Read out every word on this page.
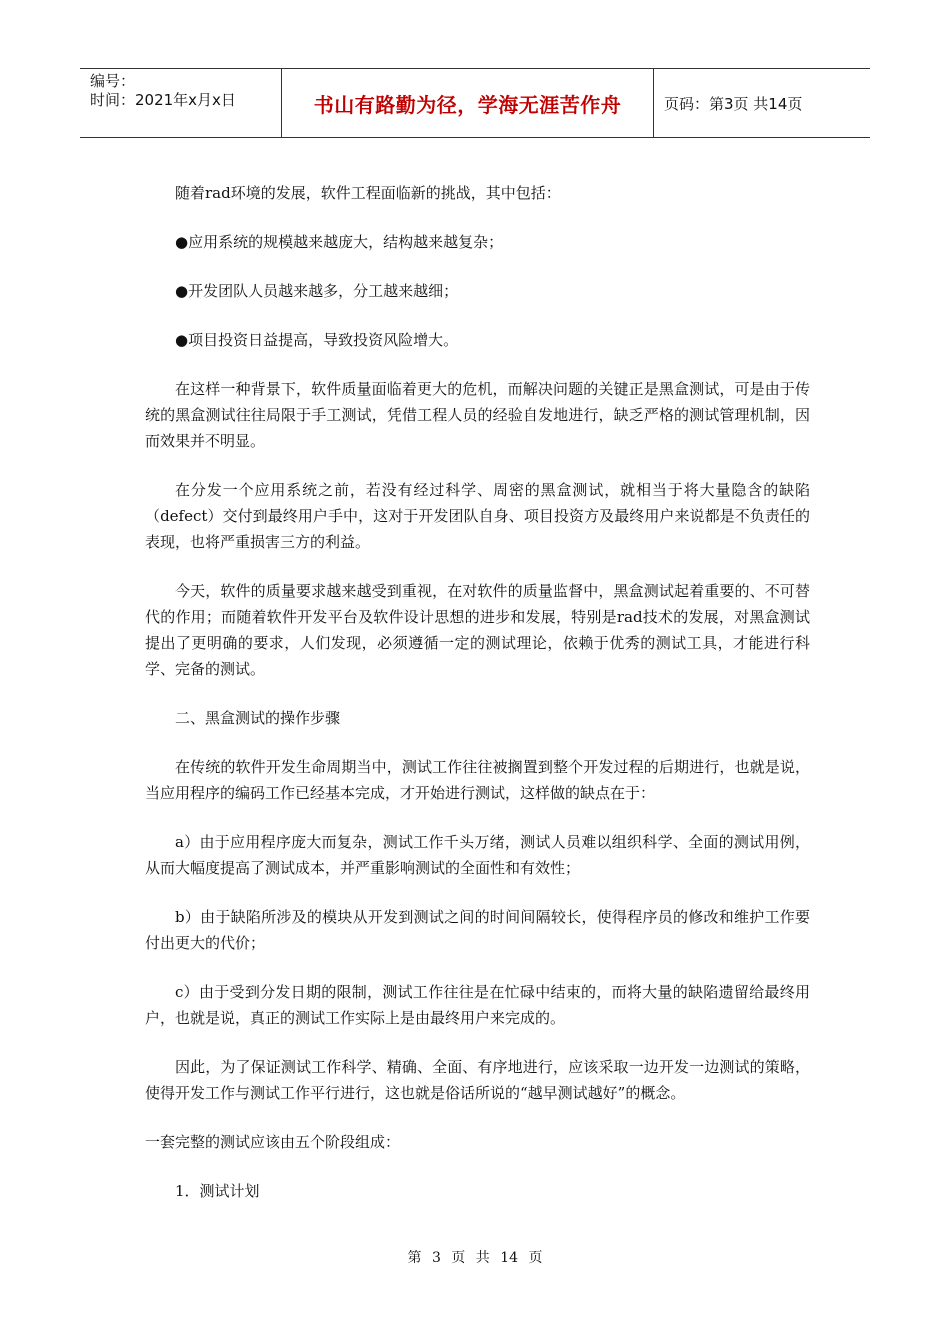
编号：
时间：2021年x月x日	书山有路勤为径，学海无涯苦作舟	页码：第3页 共14页

随着rad环境的发展，软件工程面临新的挑战，其中包括：

●应用系统的规模越来越庞大，结构越来越复杂；

●开发团队人员越来越多，分工越来越细；

●项目投资日益提高，导致投资风险增大。

在这样一种背景下，软件质量面临着更大的危机，而解决问题的关键正是黑盒测试，可是由于传统的黑盒测试往往局限于手工测试，凭借工程人员的经验自发地进行，缺乏严格的测试管理机制，因而效果并不明显。

在分发一个应用系统之前，若没有经过科学、周密的黑盒测试，就相当于将大量隐含的缺陷（defect）交付到最终用户手中，这对于开发团队自身、项目投资方及最终用户来说都是不负责任的表现，也将严重损害三方的利益。

今天，软件的质量要求越来越受到重视，在对软件的质量监督中，黑盒测试起着重要的、不可替代的作用；而随着软件开发平台及软件设计思想的进步和发展，特别是rad技术的发展，对黑盒测试提出了更明确的要求，人们发现，必须遵循一定的测试理论，依赖于优秀的测试工具，才能进行科学、完备的测试。

二、黑盒测试的操作步骤

在传统的软件开发生命周期当中，测试工作往往被搁置到整个开发过程的后期进行，也就是说，当应用程序的编码工作已经基本完成，才开始进行测试，这样做的缺点在于：

a）由于应用程序庞大而复杂，测试工作千头万绪，测试人员难以组织科学、全面的测试用例，从而大幅度提高了测试成本，并严重影响测试的全面性和有效性；

b）由于缺陷所涉及的模块从开发到测试之间的时间间隔较长，使得程序员的修改和维护工作要付出更大的代价；

c）由于受到分发日期的限制，测试工作往往是在忙碌中结束的，而将大量的缺陷遗留给最终用户，也就是说，真正的测试工作实际上是由最终用户来完成的。

因此，为了保证测试工作科学、精确、全面、有序地进行，应该采取一边开发一边测试的策略，使得开发工作与测试工作平行进行，这也就是俗话所说的“越早测试越好”的概念。

一套完整的测试应该由五个阶段组成：

1．测试计划

第 3 页 共 14 页
